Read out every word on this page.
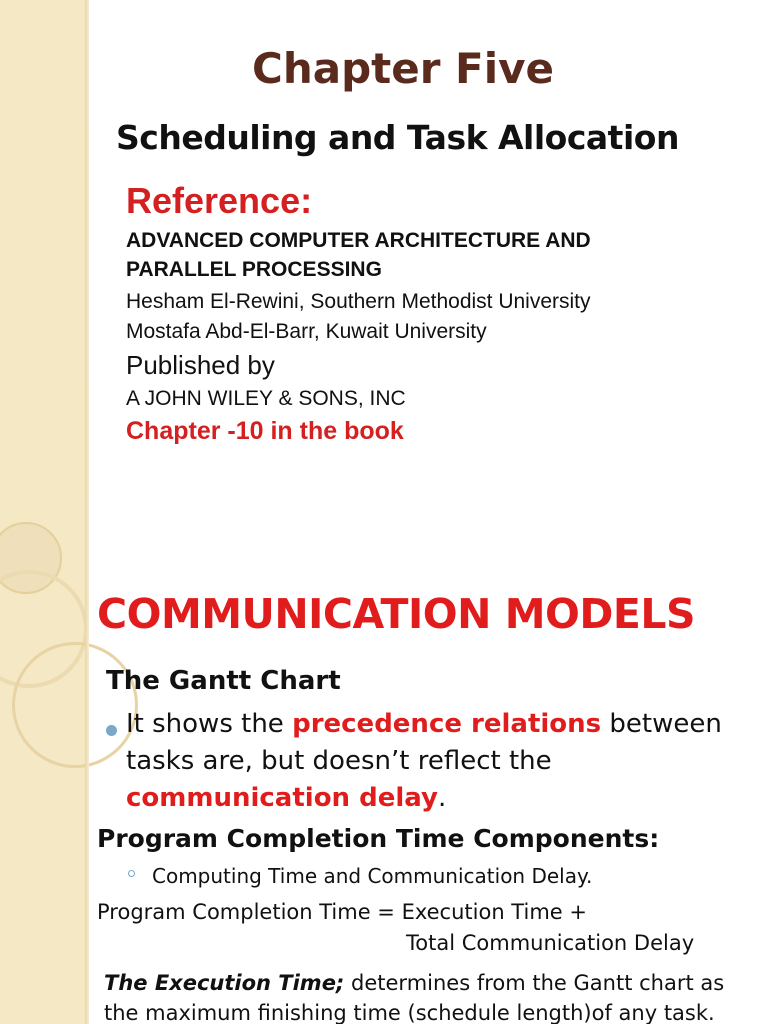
Chapter Five
Scheduling and Task Allocation
Reference:
ADVANCED COMPUTER ARCHITECTURE AND
PARALLEL PROCESSING
Hesham El-Rewini, Southern Methodist University
Mostafa Abd-El-Barr, Kuwait University
Published by
A JOHN WILEY & SONS, INC
Chapter -10 in the book
COMMUNICATION MODELS
The Gantt Chart

It shows the precedence relations between tasks are, but doesn’t reflect the communication delay.

Program Completion Time Components:
Computing Time and Communication Delay.
Program Completion Time = Execution Time +
Total Communication Delay

The Execution Time; determines from the Gantt chart as the maximum finishing time (schedule length)of any task.
